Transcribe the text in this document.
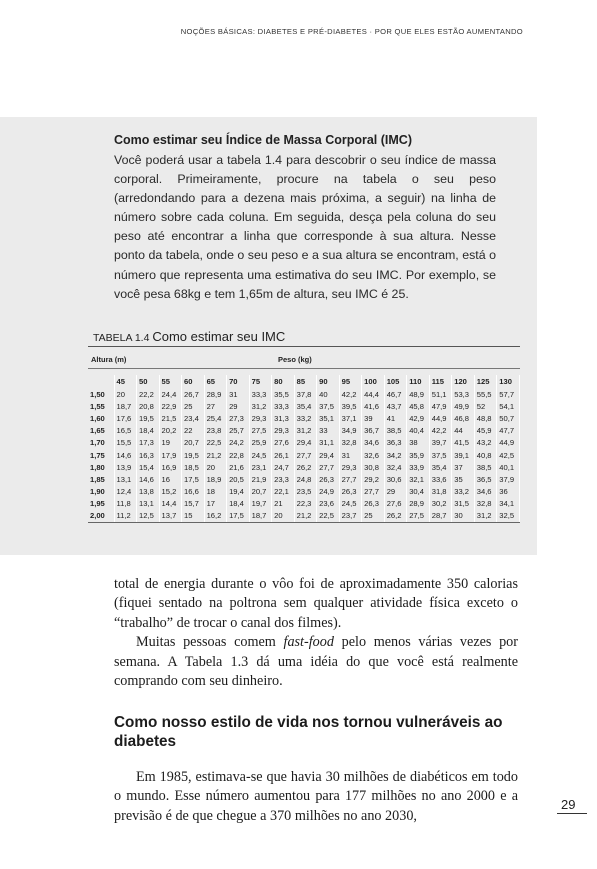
NOÇÕES BÁSICAS: DIABETES E PRÉ-DIABETES · POR QUE ELES ESTÃO AUMENTANDO
Como estimar seu Índice de Massa Corporal (IMC)
Você poderá usar a tabela 1.4 para descobrir o seu índice de massa corporal. Primeiramente, procure na tabela o seu peso (arredondando para a dezena mais próxima, a seguir) na linha de número sobre cada coluna. Em seguida, desça pela coluna do seu peso até encontrar a linha que corresponde à sua altura. Nesse ponto da tabela, onde o seu peso e a sua altura se encontram, está o número que representa uma estimativa do seu IMC. Por exemplo, se você pesa 68kg e tem 1,65m de altura, seu IMC é 25.
TABELA 1.4 Como estimar seu IMC
Altura (m)	Peso (kg)
	45	50	55	60	65	70	75	80	85	90	95	100	105	110	115	120	125	130
1,50	20	22,2	24,4	26,7	28,9	31	33,3	35,5	37,8	40	42,2	44,4	46,7	48,9	51,1	53,3	55,5	57,7
1,55	18,7	20,8	22,9	25	27	29	31,2	33,3	35,4	37,5	39,5	41,6	43,7	45,8	47,9	49,9	52	54,1
1,60	17,6	19,5	21,5	23,4	25,4	27,3	29,3	31,3	33,2	35,1	37,1	39	41	42,9	44,9	46,8	48,8	50,7
1,65	16,5	18,4	20,2	22	23,8	25,7	27,5	29,3	31,2	33	34,9	36,7	38,5	40,4	42,2	44	45,9	47,7
1,70	15,5	17,3	19	20,7	22,5	24,2	25,9	27,6	29,4	31,1	32,8	34,6	36,3	38	39,7	41,5	43,2	44,9
1,75	14,6	16,3	17,9	19,5	21,2	22,8	24,5	26,1	27,7	29,4	31	32,6	34,2	35,9	37,5	39,1	40,8	42,5
1,80	13,9	15,4	16,9	18,5	20	21,6	23,1	24,7	26,2	27,7	29,3	30,8	32,4	33,9	35,4	37	38,5	40,1
1,85	13,1	14,6	16	17,5	18,9	20,5	21,9	23,3	24,8	26,3	27,7	29,2	30,6	32,1	33,6	35	36,5	37,9
1,90	12,4	13,8	15,2	16,6	18	19,4	20,7	22,1	23,5	24,9	26,3	27,7	29	30,4	31,8	33,2	34,6	36
1,95	11,8	13,1	14,4	15,7	17	18,4	19,7	21	22,3	23,6	24,5	26,3	27,6	28,9	30,2	31,5	32,8	34,1
2,00	11,2	12,5	13,7	15	16,2	17,5	18,7	20	21,2	22,5	23,7	25	26,2	27,5	28,7	30	31,2	32,5

total de energia durante o vôo foi de aproximadamente 350 calorias (fiquei sentado na poltrona sem qualquer atividade física exceto o “trabalho” de trocar o canal dos filmes).

Muitas pessoas comem fast-food pelo menos várias vezes por semana. A Tabela 1.3 dá uma idéia do que você está realmente comprando com seu dinheiro.

Como nosso estilo de vida nos tornou vulneráveis ao diabetes

Em 1985, estimava-se que havia 30 milhões de diabéticos em todo o mundo. Esse número aumentou para 177 milhões no ano 2000 e a previsão é de que chegue a 370 milhões no ano 2030,

29
